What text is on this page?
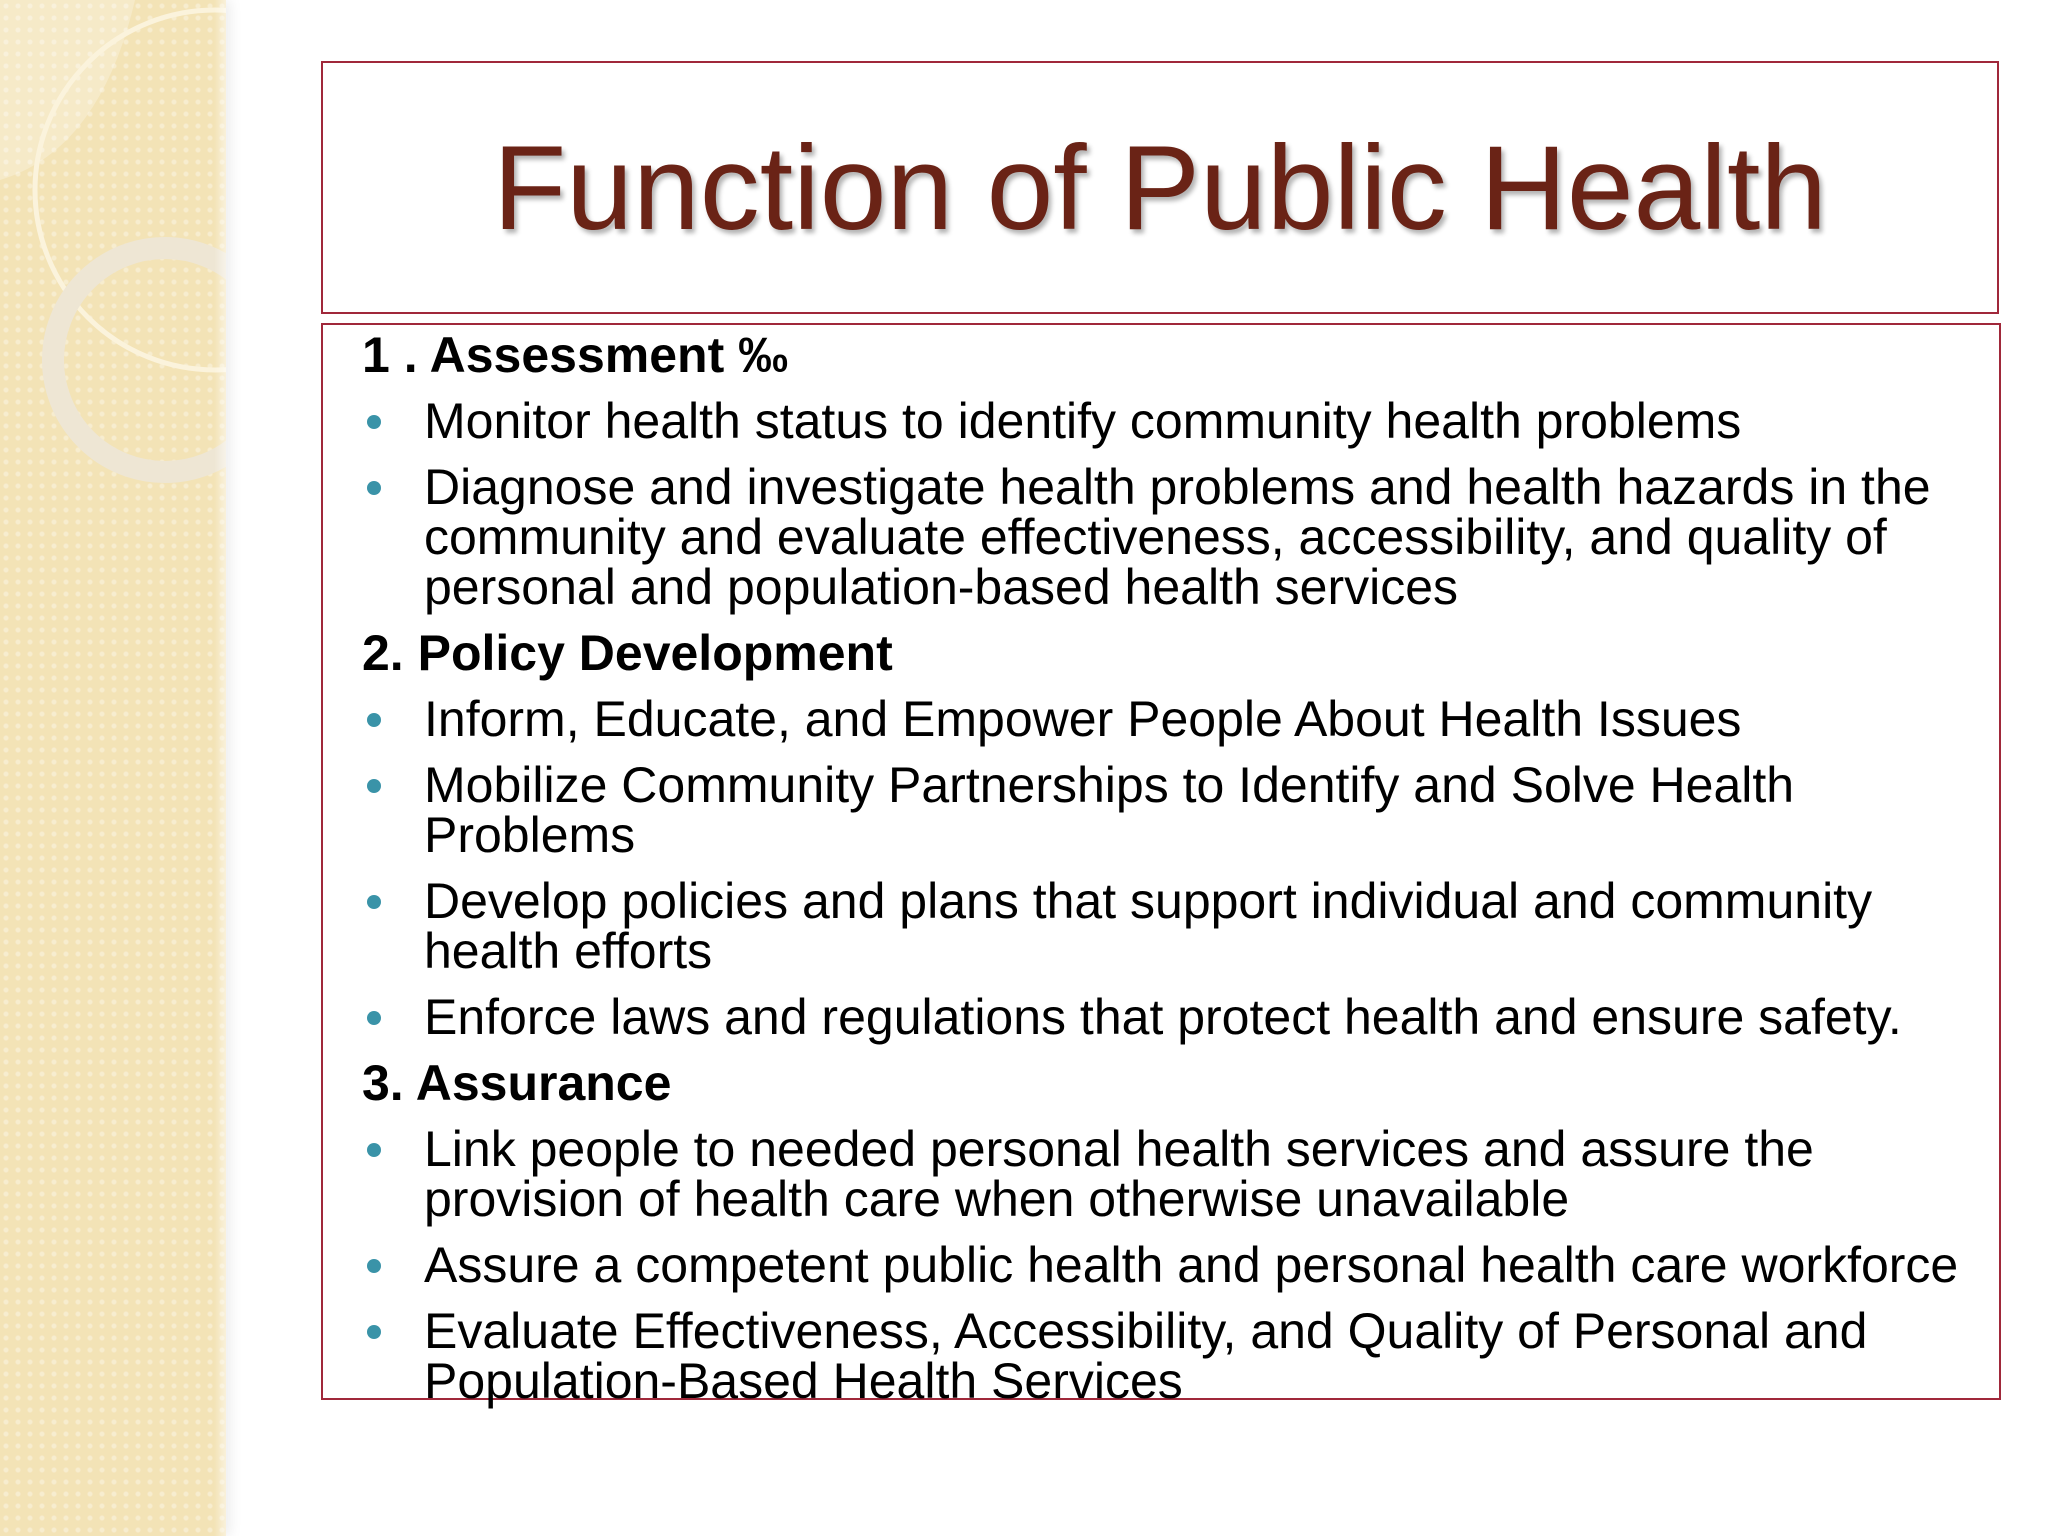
Function of Public Health
1 . Assessment ‰
Monitor health status to identify community health problems
Diagnose and investigate health problems and health hazards in the community and evaluate effectiveness, accessibility, and quality of personal and population-based health services
2. Policy Development
Inform, Educate, and Empower People About Health Issues
Mobilize Community Partnerships to Identify and Solve Health Problems
Develop policies and plans that support individual and community health efforts
Enforce laws and regulations that protect health and ensure safety.
3. Assurance
Link people to needed personal health services and assure the provision of health care when otherwise unavailable
Assure a competent public health and personal health care workforce
Evaluate Effectiveness, Accessibility, and Quality of Personal and Population-Based Health Services
